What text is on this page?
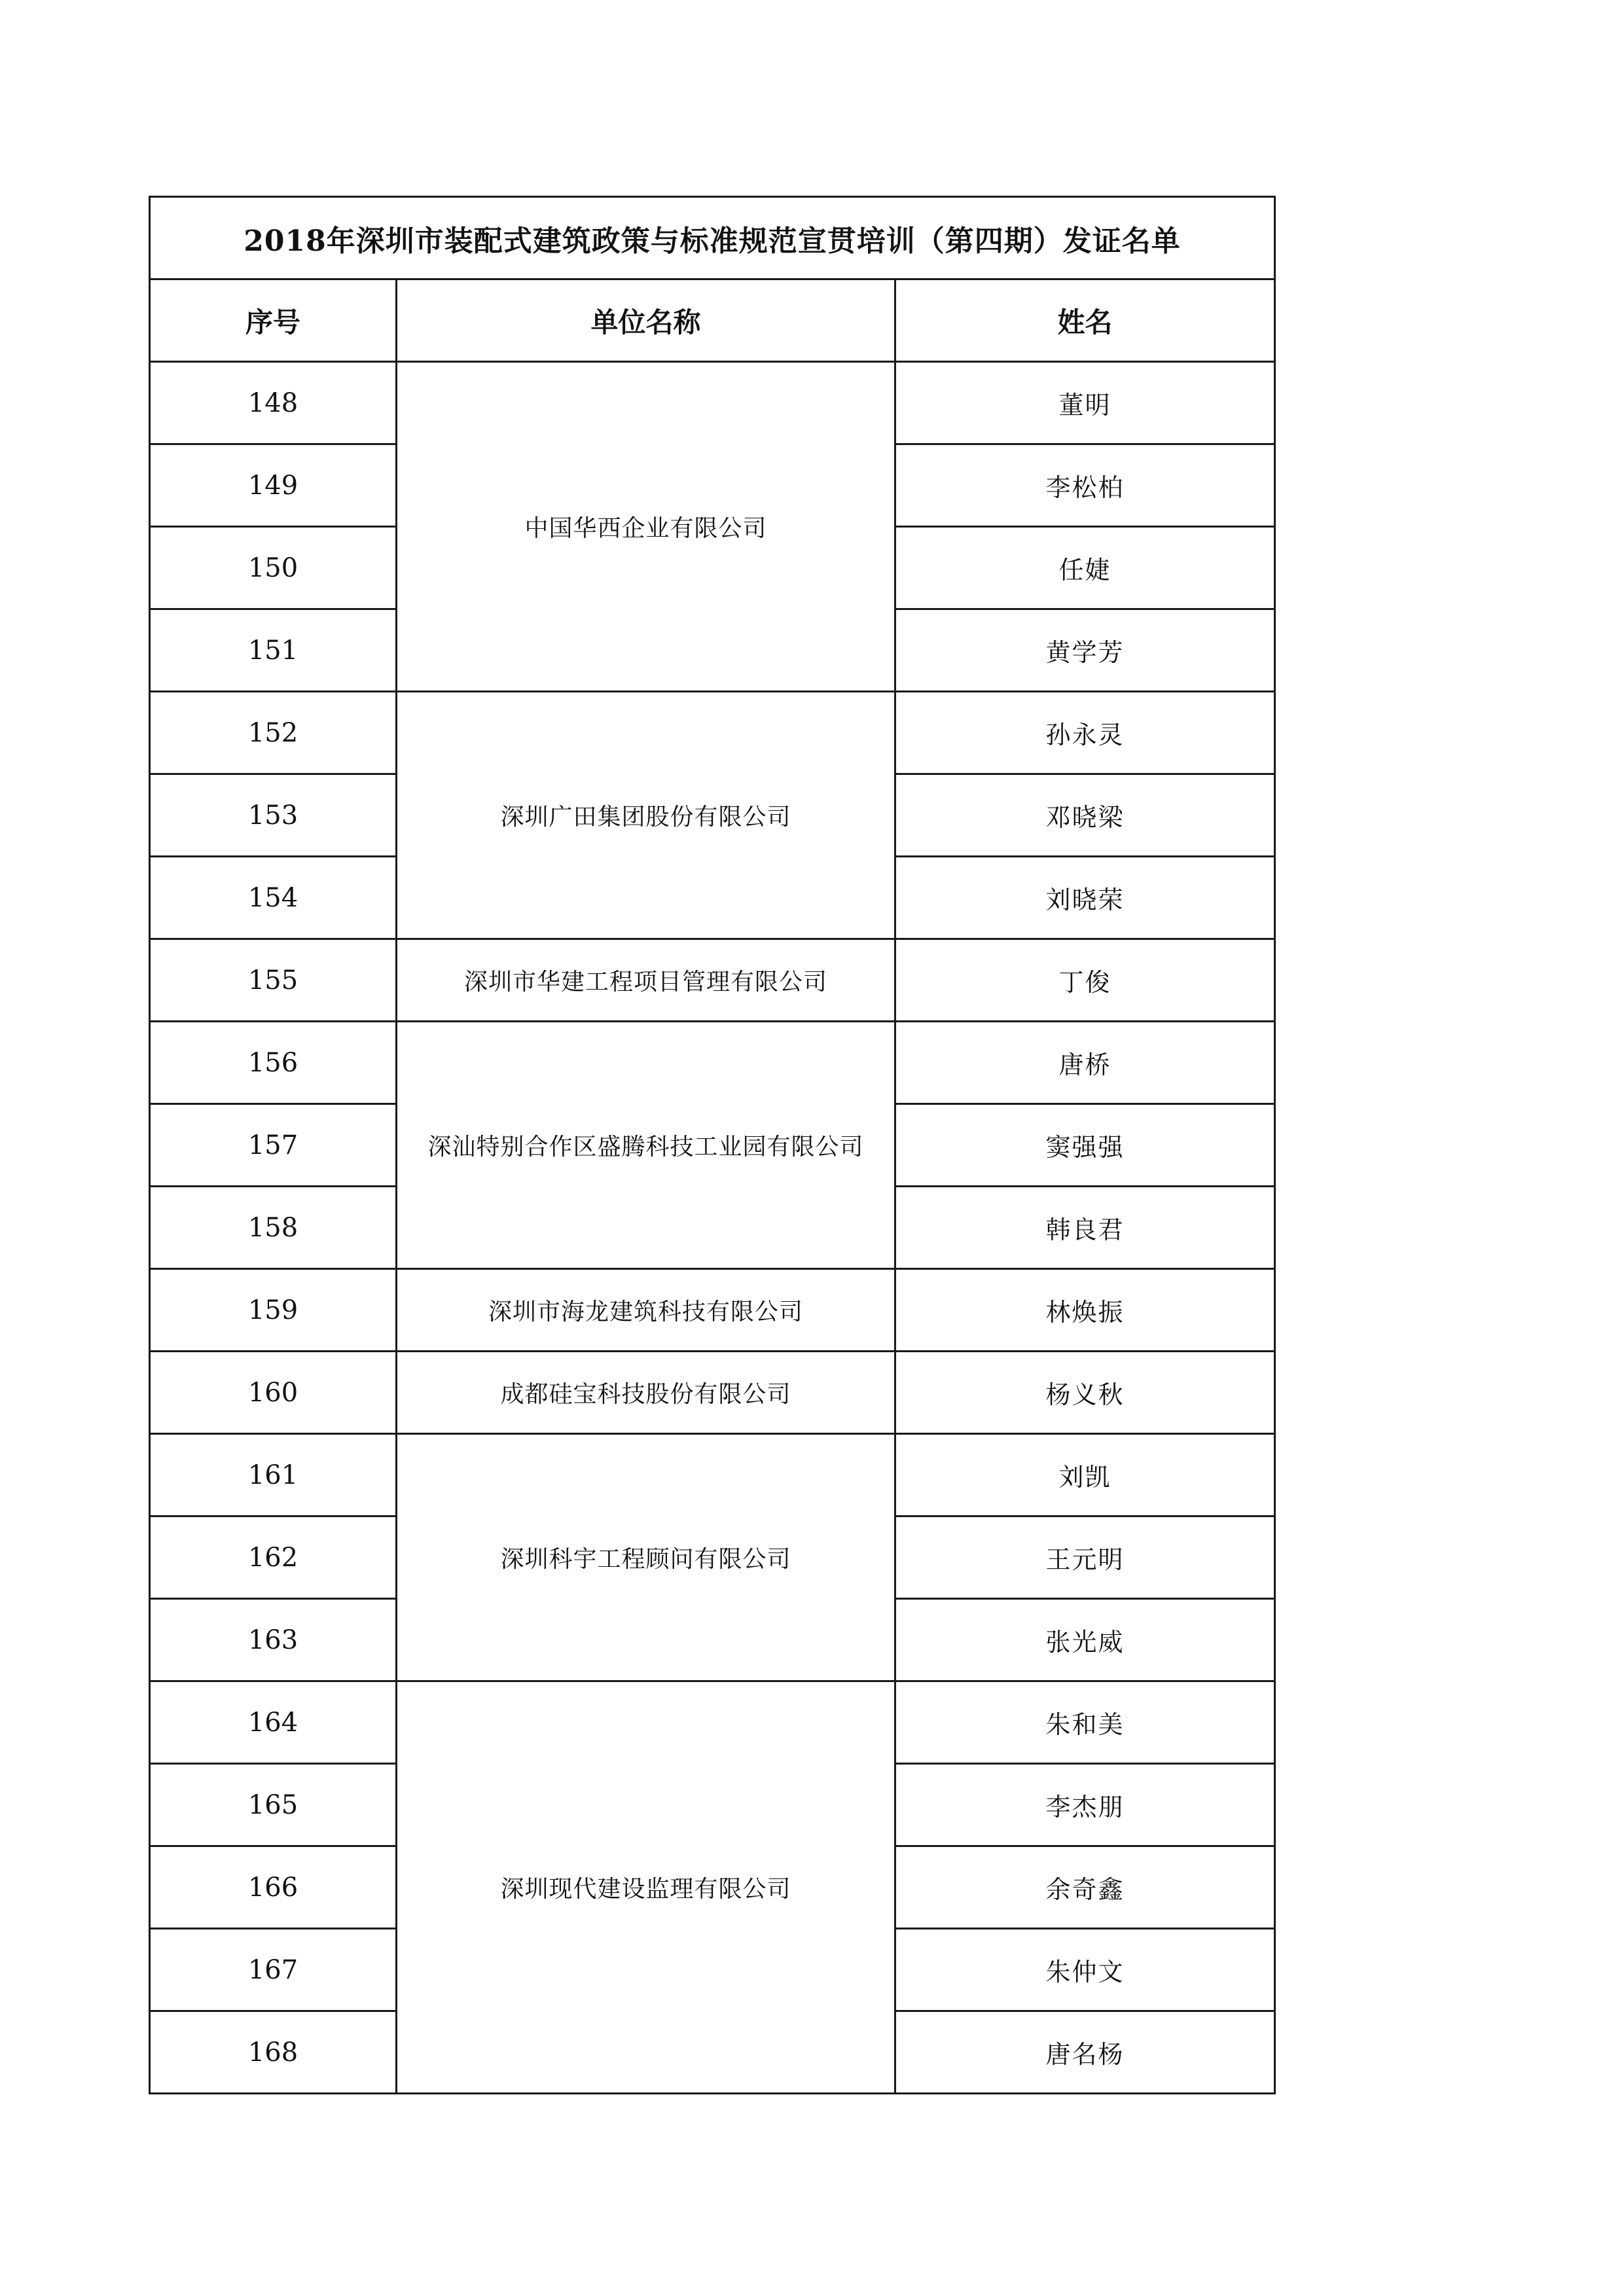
2018年深圳市装配式建筑政策与标准规范宣贯培训（第四期）发证名单		
序号	单位名称	姓名
148	中国华西企业有限公司	董明
149		李松柏
150		任婕
151		黄学芳
152	深圳广田集团股份有限公司	孙永灵
153		邓晓梁
154		刘晓荣
155	深圳市华建工程项目管理有限公司	丁俊
156	深汕特别合作区盛腾科技工业园有限公司	唐桥
157		窦强强
158		韩良君
159	深圳市海龙建筑科技有限公司	林焕振
160	成都硅宝科技股份有限公司	杨义秋
161	深圳科宇工程顾问有限公司	刘凯
162		王元明
163		张光威
164	深圳现代建设监理有限公司	朱和美
165		李杰朋
166		余奇鑫
167		朱仲文
168		唐名杨
